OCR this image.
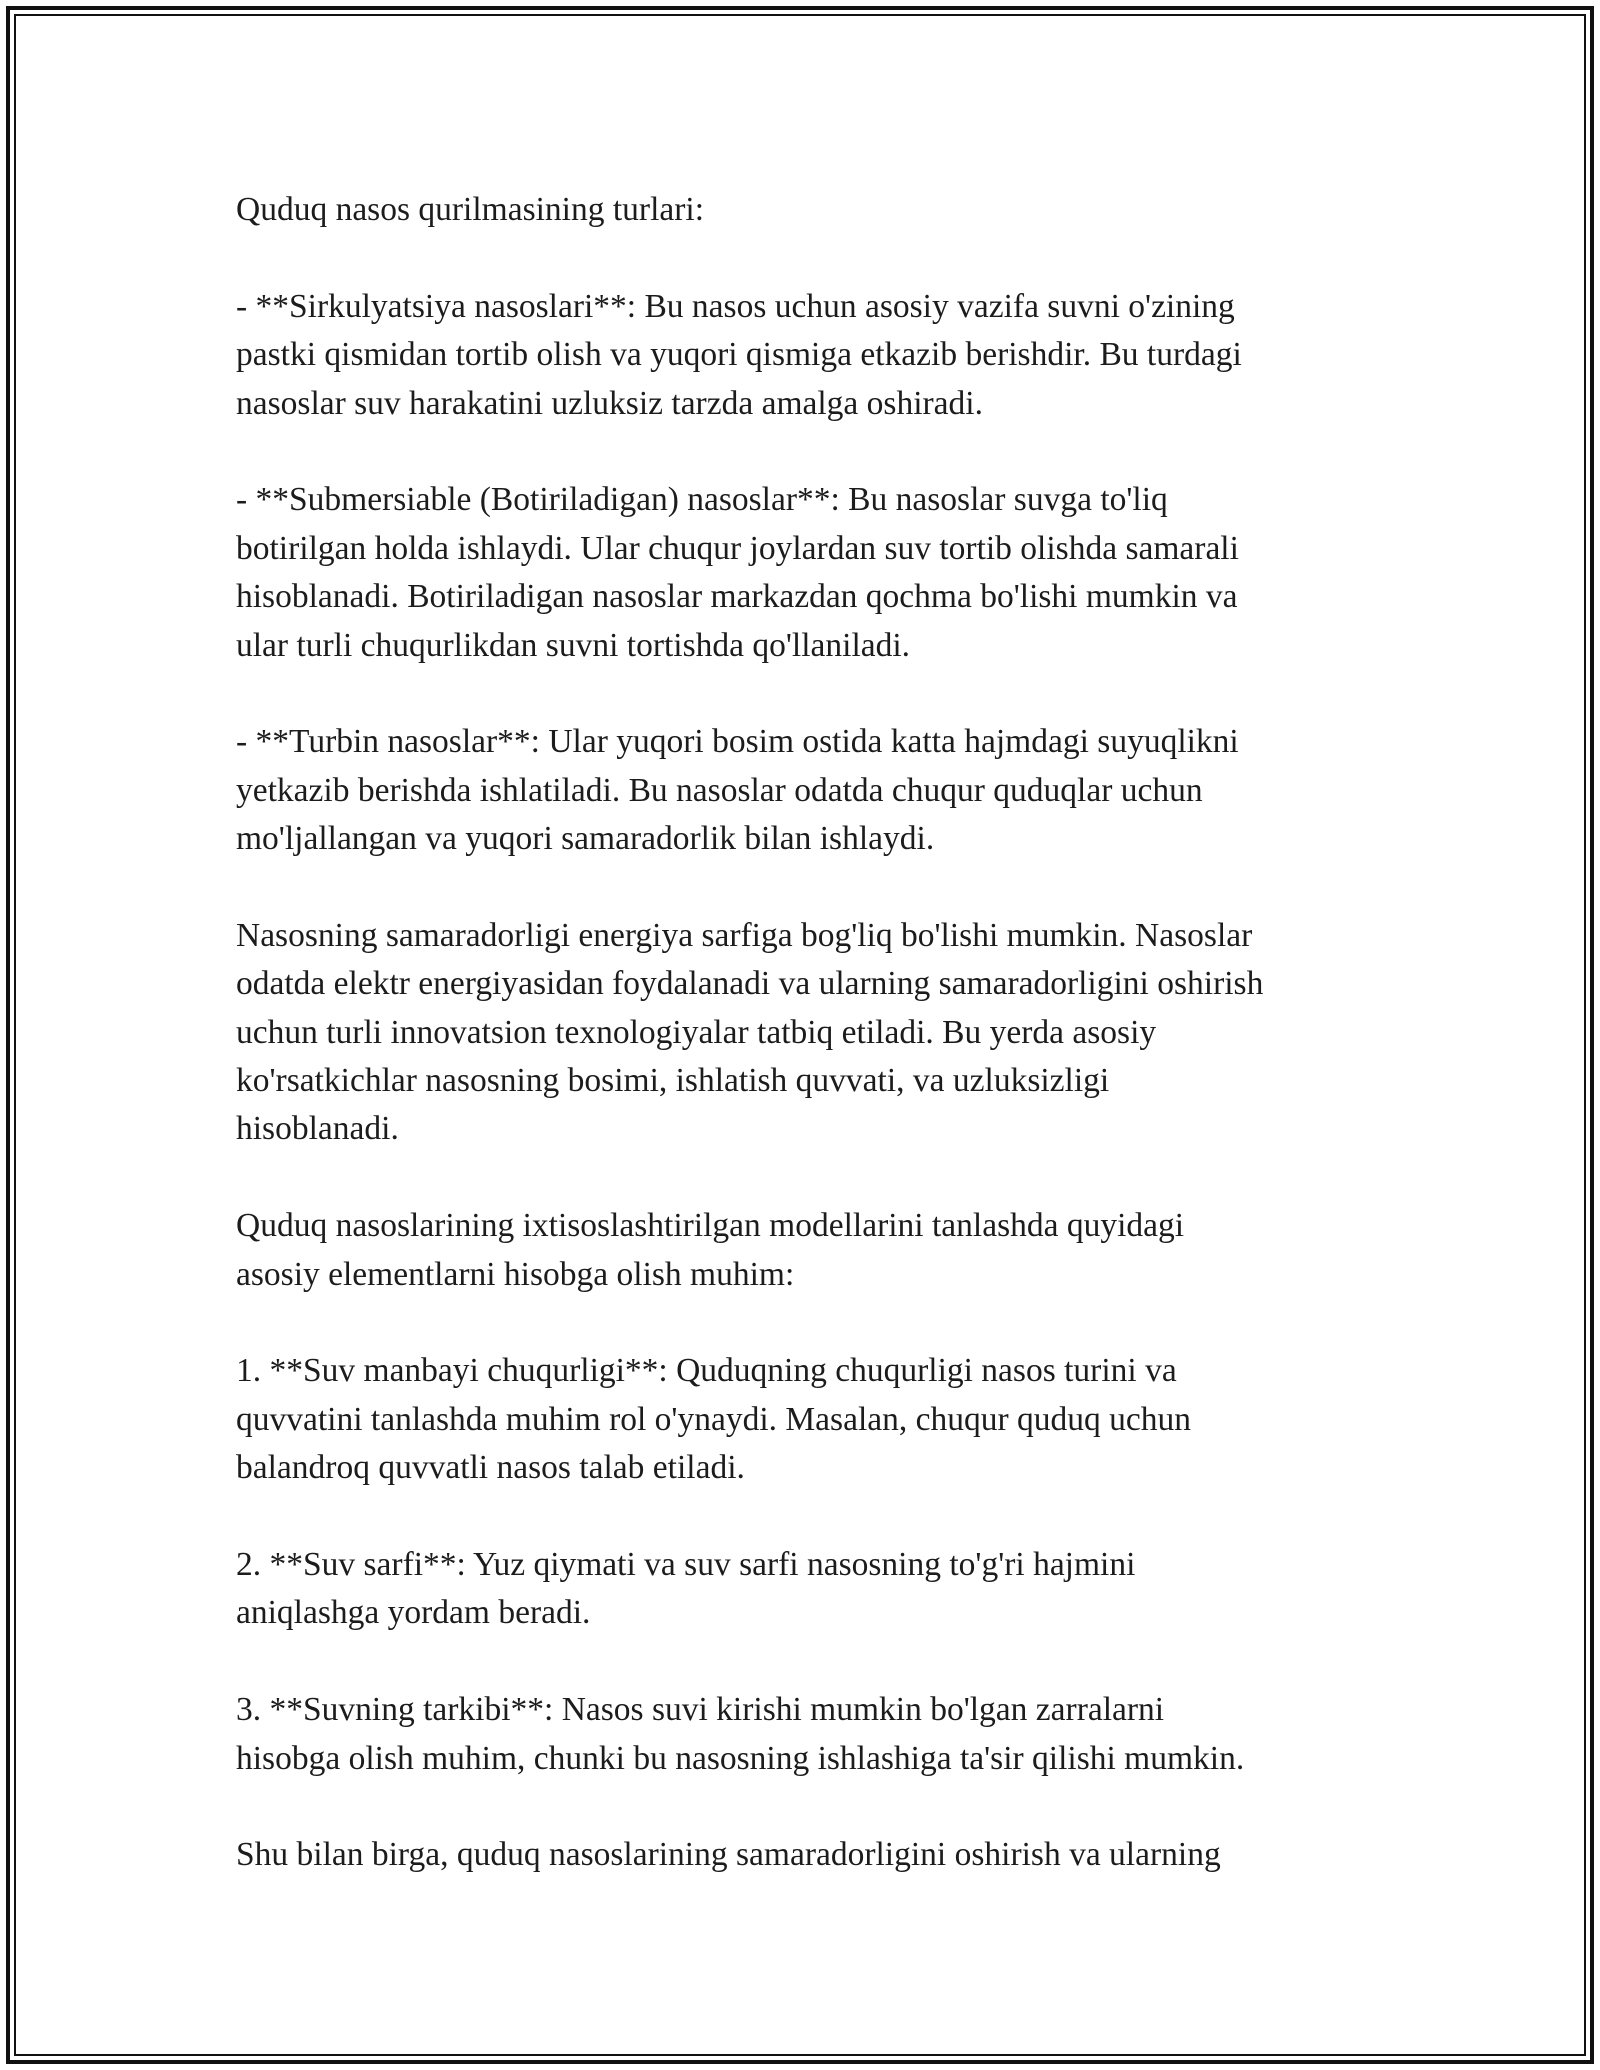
Quduq nasos qurilmasining turlari:
- **Sirkulyatsiya nasoslari**: Bu nasos uchun asosiy vazifa suvni o'zining
pastki qismidan tortib olish va yuqori qismiga etkazib berishdir. Bu turdagi
nasoslar suv harakatini uzluksiz tarzda amalga oshiradi.
- **Submersiable (Botiriladigan) nasoslar**: Bu nasoslar suvga to'liq
botirilgan holda ishlaydi. Ular chuqur joylardan suv tortib olishda samarali
hisoblanadi. Botiriladigan nasoslar markazdan qochma bo'lishi mumkin va
ular turli chuqurlikdan suvni tortishda qo'llaniladi.
- **Turbin nasoslar**: Ular yuqori bosim ostida katta hajmdagi suyuqlikni
yetkazib berishda ishlatiladi. Bu nasoslar odatda chuqur quduqlar uchun
mo'ljallangan va yuqori samaradorlik bilan ishlaydi.
Nasosning samaradorligi energiya sarfiga bog'liq bo'lishi mumkin. Nasoslar
odatda elektr energiyasidan foydalanadi va ularning samaradorligini oshirish
uchun turli innovatsion texnologiyalar tatbiq etiladi. Bu yerda asosiy
ko'rsatkichlar nasosning bosimi, ishlatish quvvati, va uzluksizligi
hisoblanadi.
Quduq nasoslarining ixtisoslashtirilgan modellarini tanlashda quyidagi
asosiy elementlarni hisobga olish muhim:
1. **Suv manbayi chuqurligi**: Quduqning chuqurligi nasos turini va
quvvatini tanlashda muhim rol o'ynaydi. Masalan, chuqur quduq uchun
balandroq quvvatli nasos talab etiladi.
2. **Suv sarfi**: Yuz qiymati va suv sarfi nasosning to'g'ri hajmini
aniqlashga yordam beradi.
3. **Suvning tarkibi**: Nasos suvi kirishi mumkin bo'lgan zarralarni
hisobga olish muhim, chunki bu nasosning ishlashiga ta'sir qilishi mumkin.
Shu bilan birga, quduq nasoslarining samaradorligini oshirish va ularning
